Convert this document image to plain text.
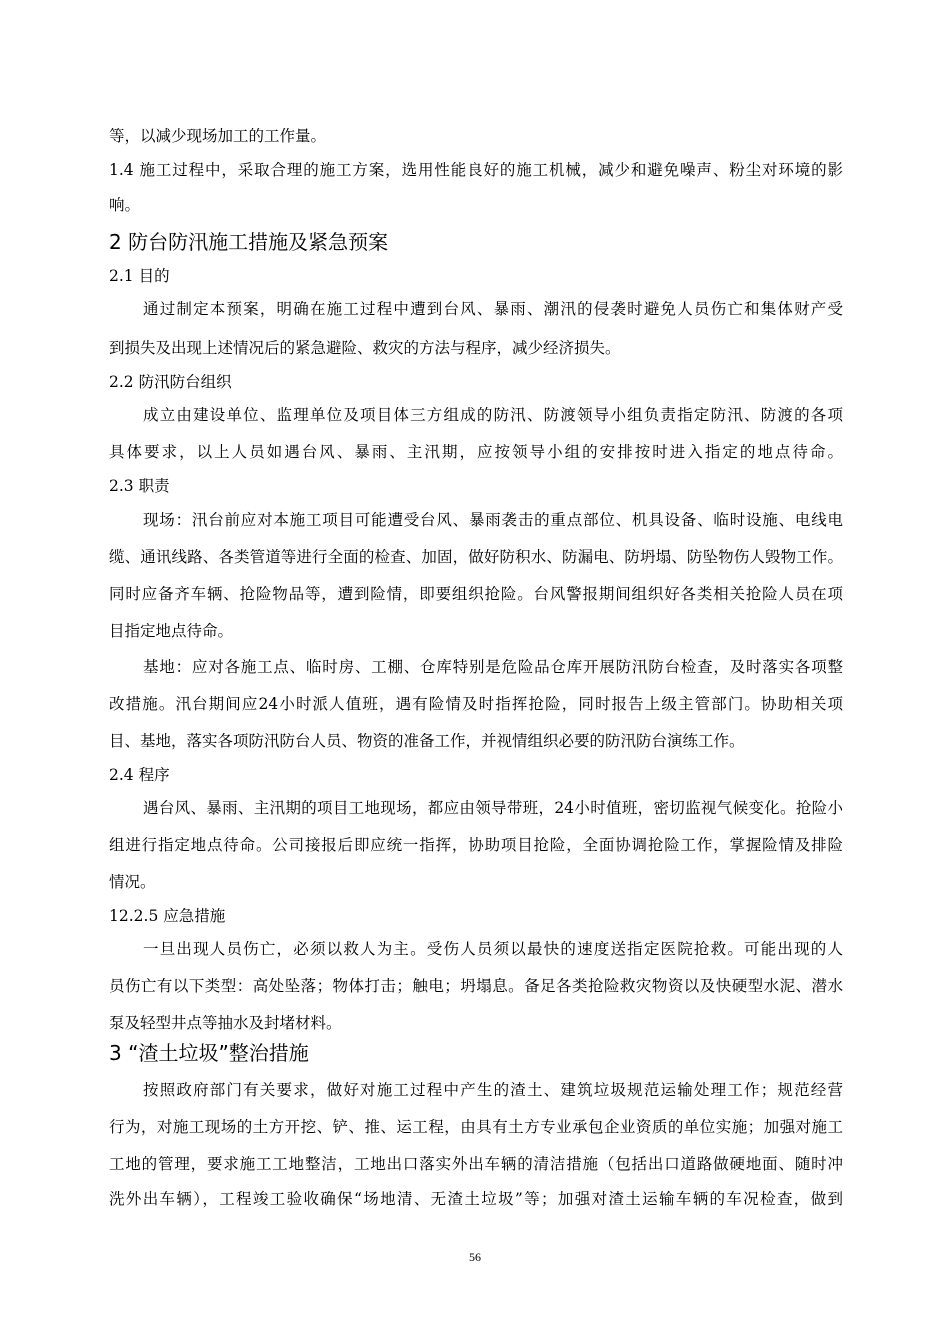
等，以减少现场加工的工作量。
1.4 施工过程中，采取合理的施工方案，选用性能良好的施工机械，减少和避免噪声、粉尘对环境的影
响。
2 防台防汛施工措施及紧急预案
2.1 目的
通过制定本预案，明确在施工过程中遭到台风、暴雨、潮汛的侵袭时避免人员伤亡和集体财产受
到损失及出现上述情况后的紧急避险、救灾的方法与程序，减少经济损失。
2.2 防汛防台组织
成立由建设单位、监理单位及项目体三方组成的防汛、防渡领导小组负责指定防汛、防渡的各项
具体要求，以上人员如遇台风、暴雨、主汛期，应按领导小组的安排按时进入指定的地点待命。
2.3 职责
现场：汛台前应对本施工项目可能遭受台风、暴雨袭击的重点部位、机具设备、临时设施、电线电
缆、通讯线路、各类管道等进行全面的检查、加固，做好防积水、防漏电、防坍塌、防坠物伤人毁物工作。
同时应备齐车辆、抢险物品等，遭到险情，即要组织抢险。台风警报期间组织好各类相关抢险人员在项
目指定地点待命。
基地：应对各施工点、临时房、工棚、仓库特别是危险品仓库开展防汛防台检查，及时落实各项整
改措施。汛台期间应24小时派人值班，遇有险情及时指挥抢险，同时报告上级主管部门。协助相关项
目、基地，落实各项防汛防台人员、物资的准备工作，并视情组织必要的防汛防台演练工作。
2.4 程序
遇台风、暴雨、主汛期的项目工地现场，都应由领导带班，24小时值班，密切监视气候变化。抢险小
组进行指定地点待命。公司接报后即应统一指挥，协助项目抢险，全面协调抢险工作，掌握险情及排险
情况。
12.2.5 应急措施
一旦出现人员伤亡，必须以救人为主。受伤人员须以最快的速度送指定医院抢救。可能出现的人
员伤亡有以下类型：高处坠落；物体打击；触电；坍塌息。备足各类抢险救灾物资以及快硬型水泥、潜水
泵及轻型井点等抽水及封堵材料。
3 “渣土垃圾”整治措施
按照政府部门有关要求，做好对施工过程中产生的渣土、建筑垃圾规范运输处理工作；规范经营
行为，对施工现场的土方开挖、铲、推、运工程，由具有土方专业承包企业资质的单位实施；加强对施工
工地的管理，要求施工工地整洁，工地出口落实外出车辆的清洁措施（包括出口道路做硬地面、随时冲
洗外出车辆），工程竣工验收确保“场地清、无渣土垃圾”等；加强对渣土运输车辆的车况检查，做到
56
